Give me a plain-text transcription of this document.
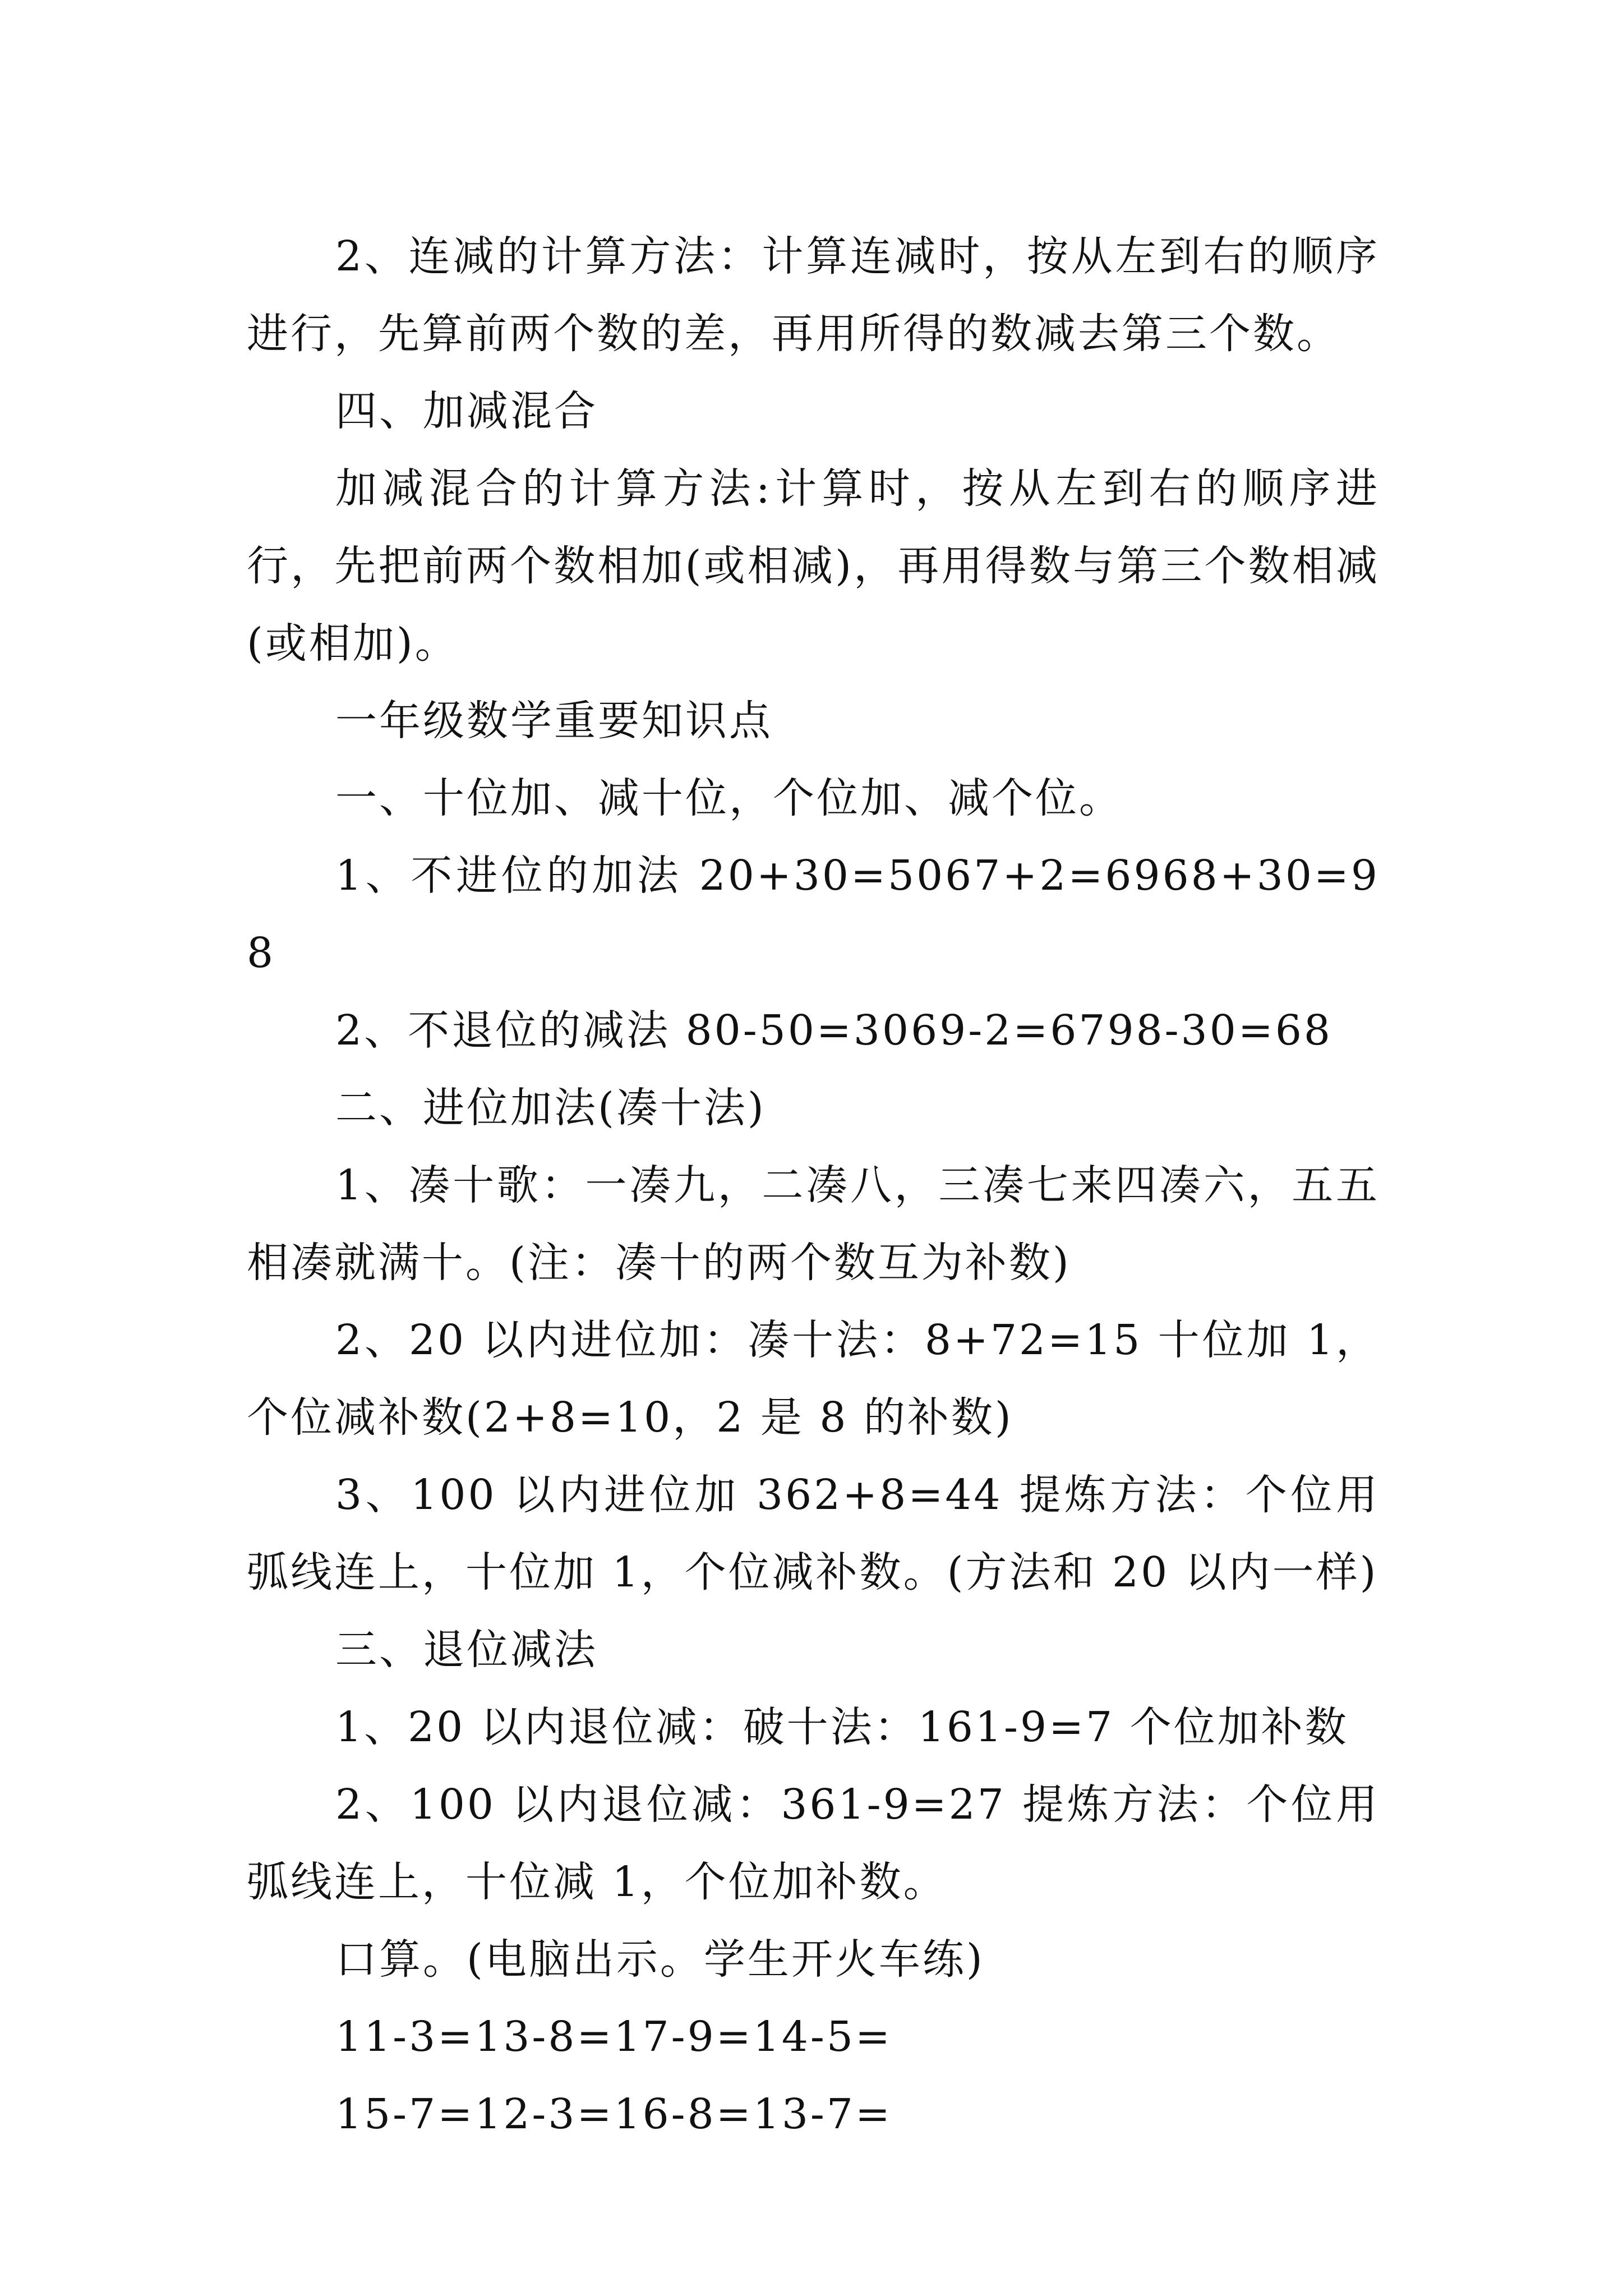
2、连减的计算方法：计算连减时，按从左到右的顺序进行，先算前两个数的差，再用所得的数减去第三个数。

四、加减混合

加减混合的计算方法:计算时，按从左到右的顺序进行，先把前两个数相加(或相减)，再用得数与第三个数相减(或相加)。

一年级数学重要知识点

一、十位加、减十位，个位加、减个位。

1、不进位的加法 20+30=5067+2=6968+30=98

2、不退位的减法 80-50=3069-2=6798-30=68

二、进位加法(凑十法)

1、凑十歌：一凑九，二凑八，三凑七来四凑六，五五相凑就满十。(注：凑十的两个数互为补数)

2、20 以内进位加：凑十法：8+72=15 十位加 1，个位减补数(2+8=10，2 是 8 的补数)

3、100 以内进位加 362+8=44 提炼方法：个位用弧线连上，十位加 1，个位减补数。(方法和 20 以内一样)

三、退位减法

1、20 以内退位减：破十法：161-9=7 个位加补数

2、100 以内退位减：361-9=27 提炼方法：个位用弧线连上，十位减 1，个位加补数。

口算。(电脑出示。学生开火车练)

11-3=13-8=17-9=14-5=

15-7=12-3=16-8=13-7=
